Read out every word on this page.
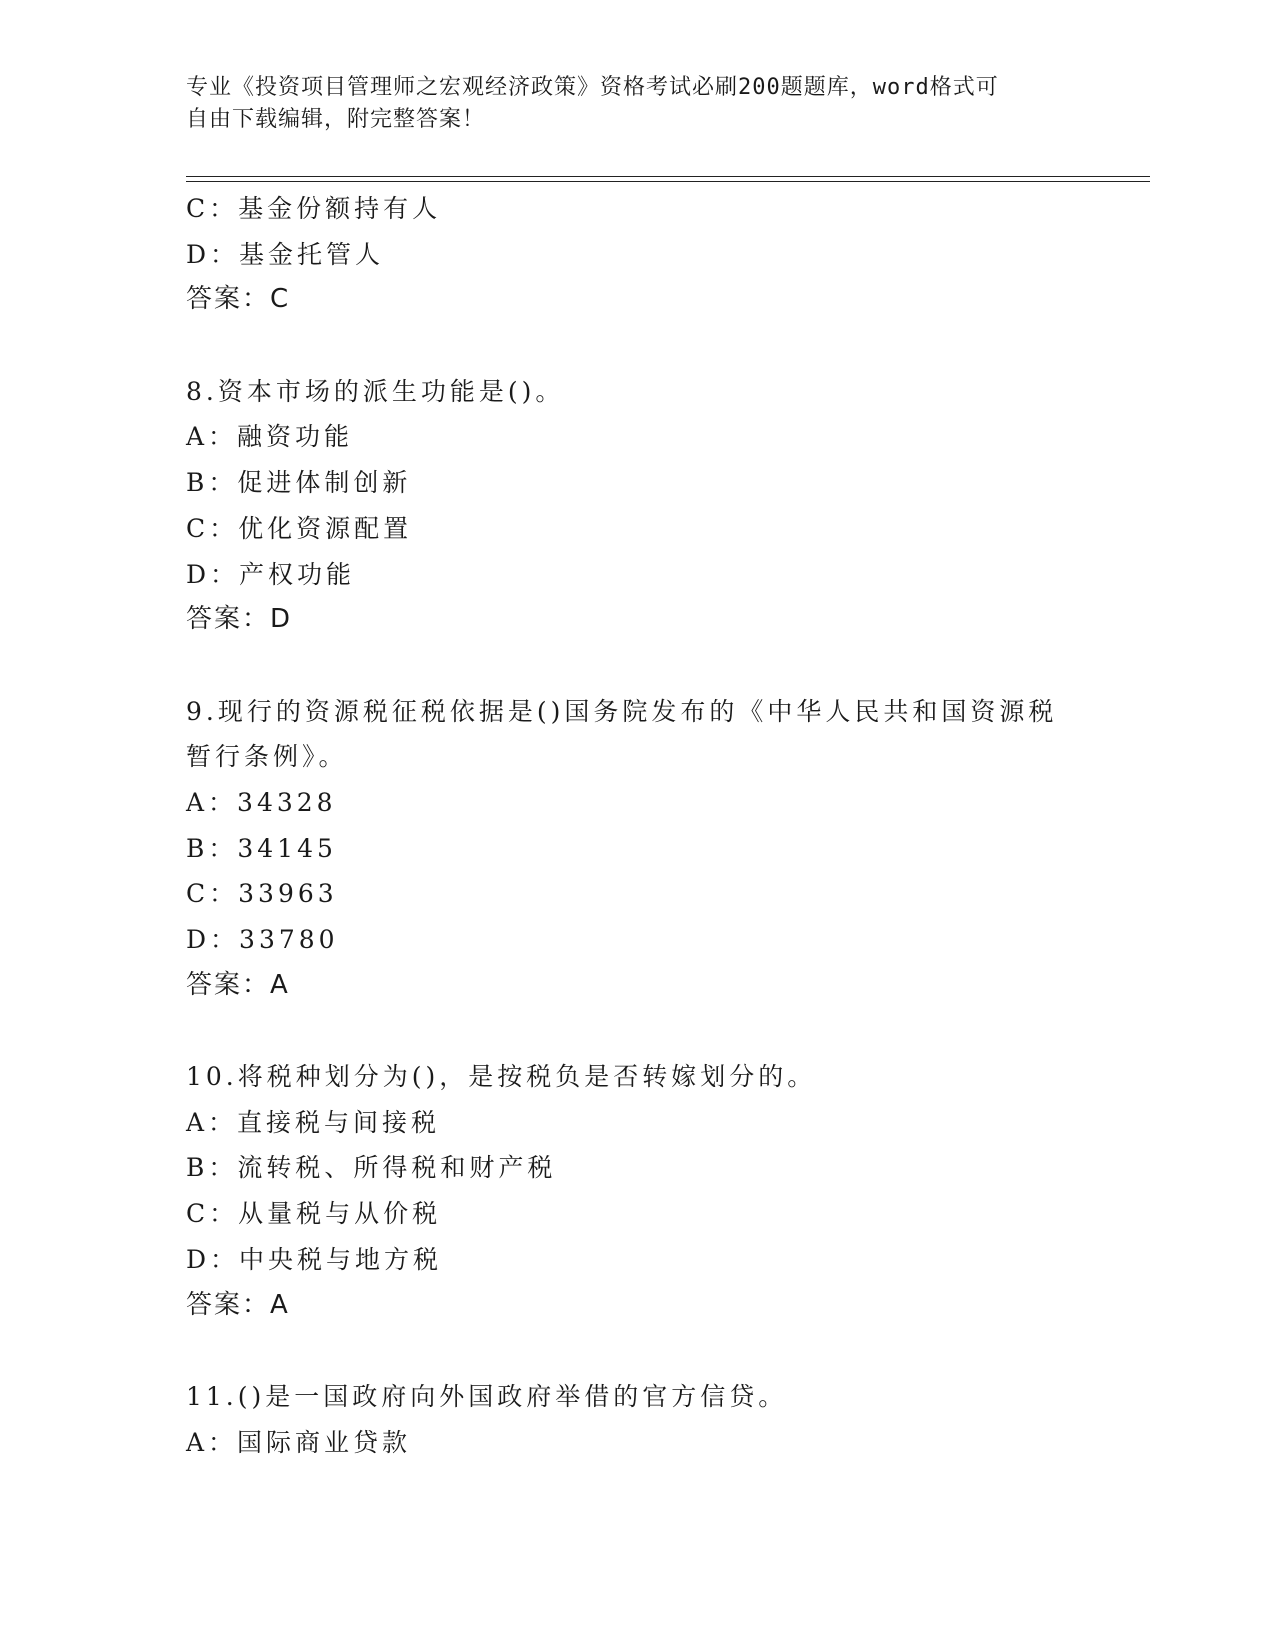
专业《投资项目管理师之宏观经济政策》资格考试必刷200题题库，word格式可
自由下载编辑，附完整答案！
C：基金份额持有人
D：基金托管人
答案：C
8.资本市场的派生功能是()。
A：融资功能
B：促进体制创新
C：优化资源配置
D：产权功能
答案：D
9.现行的资源税征税依据是()国务院发布的《中华人民共和国资源税
暂行条例》。
A：34328
B：34145
C：33963
D：33780
答案：A
10.将税种划分为()，是按税负是否转嫁划分的。
A：直接税与间接税
B：流转税、所得税和财产税
C：从量税与从价税
D：中央税与地方税
答案：A
11.()是一国政府向外国政府举借的官方信贷。
A：国际商业贷款
